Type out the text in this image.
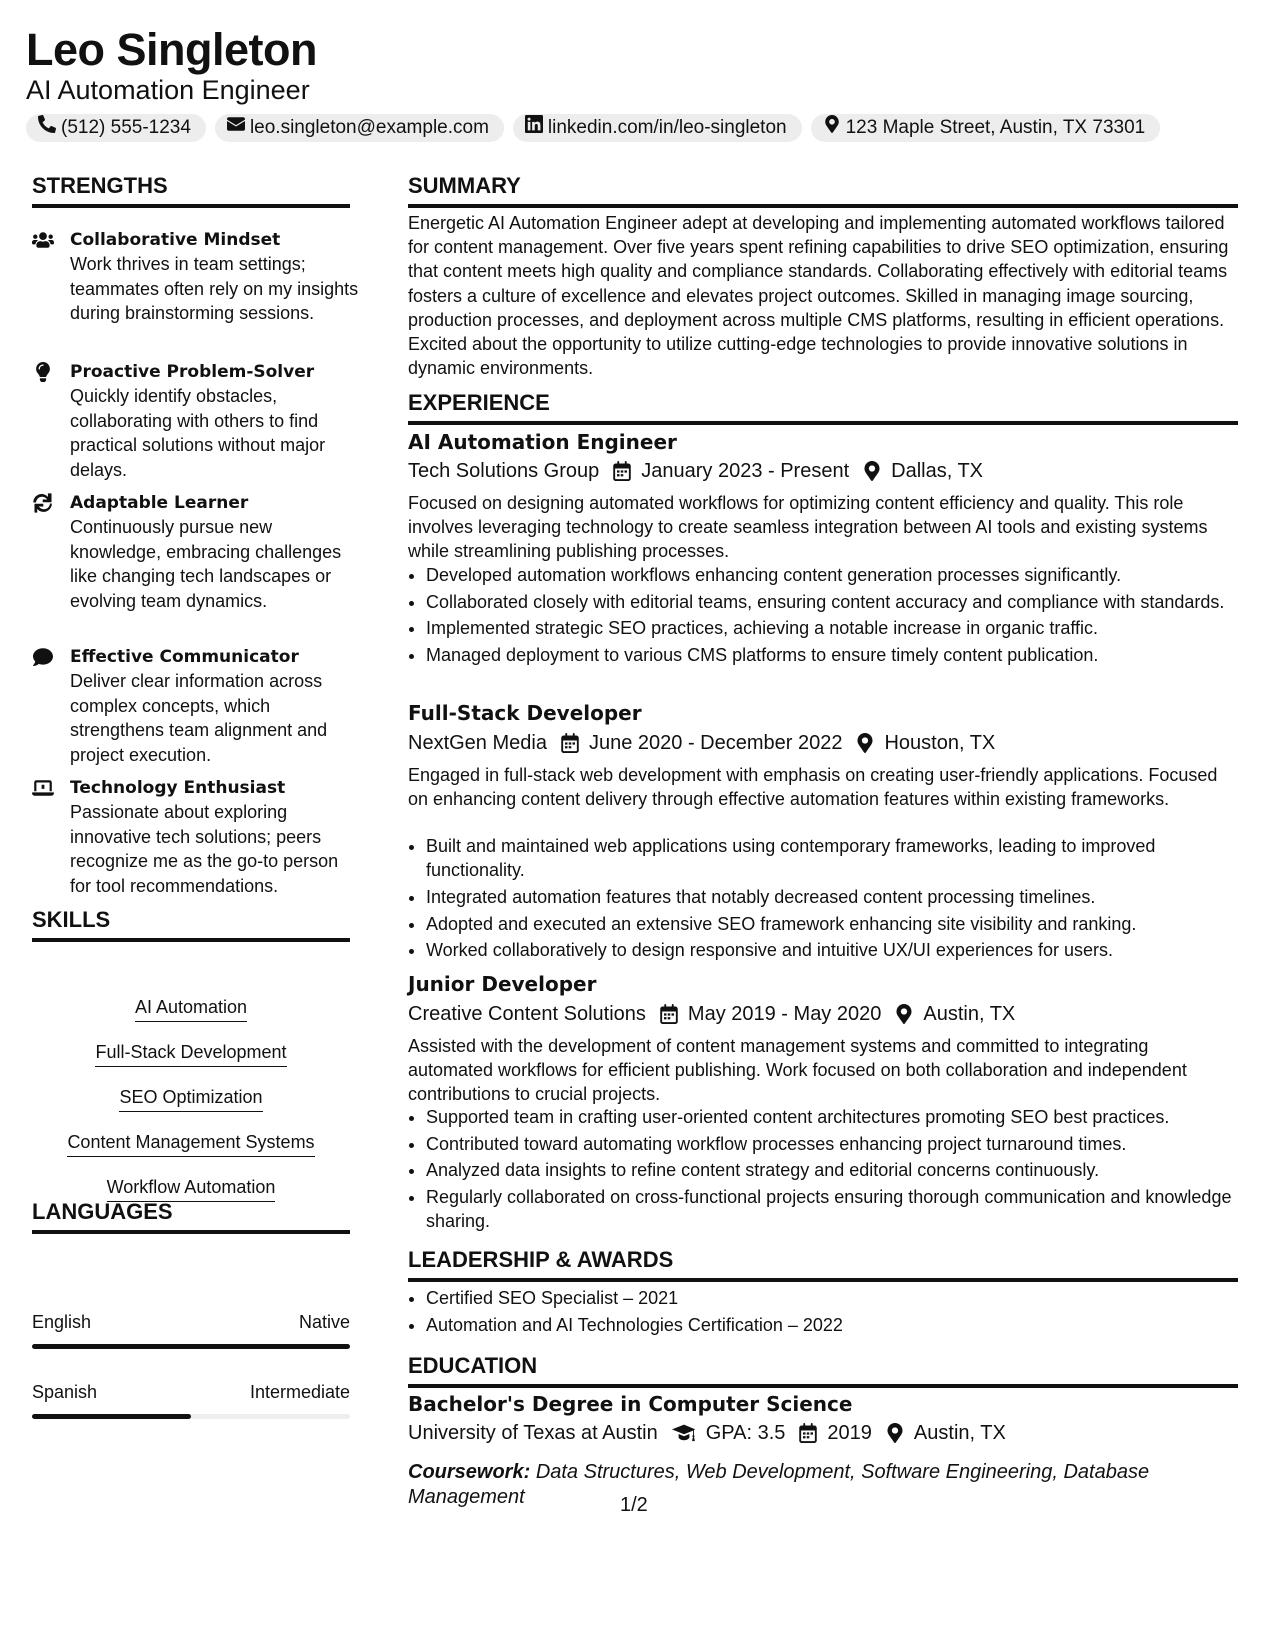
Leo Singleton
AI Automation Engineer
(512) 555-1234	leo.singleton@example.com	linkedin.com/in/leo-singleton	123 Maple Street, Austin, TX 73301
STRENGTHS
Collaborative Mindset
Work thrives in team settings; teammates often rely on my insights during brainstorming sessions.
Proactive Problem-Solver
Quickly identify obstacles, collaborating with others to find practical solutions without major delays.
Adaptable Learner
Continuously pursue new knowledge, embracing challenges like changing tech landscapes or evolving team dynamics.
Effective Communicator
Deliver clear information across complex concepts, which strengthens team alignment and project execution.
Technology Enthusiast
Passionate about exploring innovative tech solutions; peers recognize me as the go-to person for tool recommendations.
SKILLS
AI Automation
Full-Stack Development
SEO Optimization
Content Management Systems
Workflow Automation
LANGUAGES
English	Native
Spanish	Intermediate
SUMMARY

Energetic AI Automation Engineer adept at developing and implementing automated workflows tailored for content management. Over five years spent refining capabilities to drive SEO optimization, ensuring that content meets high quality and compliance standards. Collaborating effectively with editorial teams fosters a culture of excellence and elevates project outcomes. Skilled in managing image sourcing, production processes, and deployment across multiple CMS platforms, resulting in efficient operations. Excited about the opportunity to utilize cutting-edge technologies to provide innovative solutions in dynamic environments.

EXPERIENCE
AI Automation Engineer
Tech Solutions Group January 2023 - Present Dallas, TX

Focused on designing automated workflows for optimizing content efficiency and quality. This role involves leveraging technology to create seamless integration between AI tools and existing systems while streamlining publishing processes.

• Developed automation workflows enhancing content generation processes significantly.
• Collaborated closely with editorial teams, ensuring content accuracy and compliance with standards.
• Implemented strategic SEO practices, achieving a notable increase in organic traffic.
• Managed deployment to various CMS platforms to ensure timely content publication.
Full-Stack Developer
NextGen Media June 2020 - December 2022 Houston, TX

Engaged in full-stack web development with emphasis on creating user-friendly applications. Focused on enhancing content delivery through effective automation features within existing frameworks.

• Built and maintained web applications using contemporary frameworks, leading to improved functionality.
• Integrated automation features that notably decreased content processing timelines.
• Adopted and executed an extensive SEO framework enhancing site visibility and ranking.
• Worked collaboratively to design responsive and intuitive UX/UI experiences for users.
Junior Developer
Creative Content Solutions May 2019 - May 2020 Austin, TX

Assisted with the development of content management systems and committed to integrating automated workflows for efficient publishing. Work focused on both collaboration and independent contributions to crucial projects.

• Supported team in crafting user-oriented content architectures promoting SEO best practices.
• Contributed toward automating workflow processes enhancing project turnaround times.
• Analyzed data insights to refine content strategy and editorial concerns continuously.
• Regularly collaborated on cross-functional projects ensuring thorough communication and knowledge sharing.
LEADERSHIP & AWARDS
• Certified SEO Specialist – 2021
• Automation and AI Technologies Certification – 2022
EDUCATION
Bachelor's Degree in Computer Science
University of Texas at Austin GPA: 3.5 2019 Austin, TX
Coursework: Data Structures, Web Development, Software Engineering, Database Management	1/2
